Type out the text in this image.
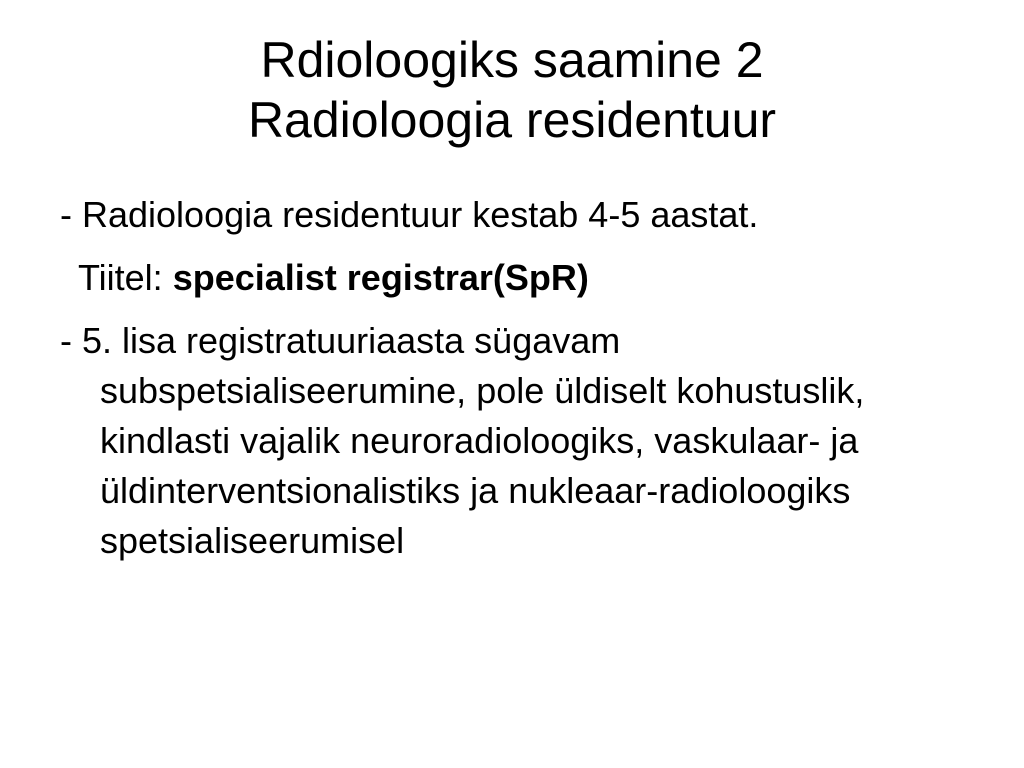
Rdioloogiks saamine 2
Radioloogia residentuur

- Radioloogia residentuur kestab 4-5 aastat.

Tiitel: specialist registrar(SpR)

- 5. lisa registratuuriaasta sügavam subspetsialiseerumine, pole üldiselt kohustuslik, kindlasti vajalik neuroradioloogiks, vaskulaar- ja üldinterventsionalistiks ja nukleaar-radioloogiks spetsialiseerumisel
